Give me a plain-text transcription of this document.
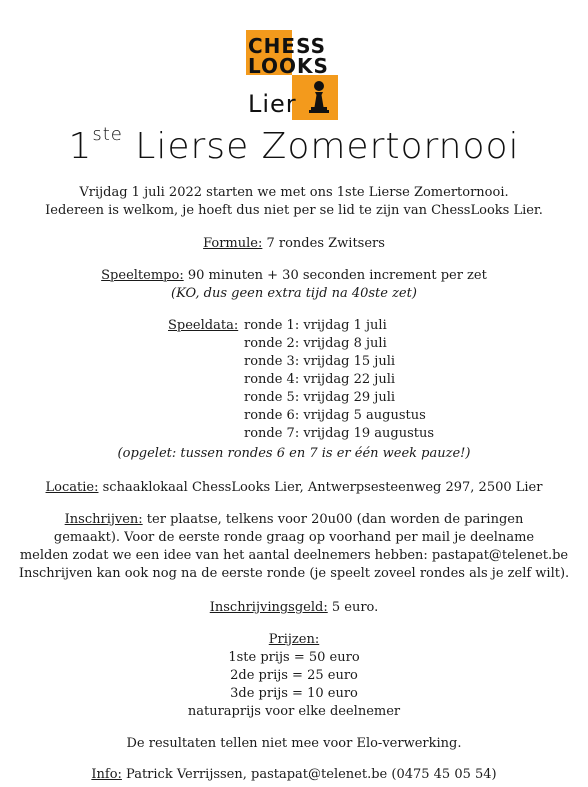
CHESS
LOOKS
Lier
1ste Lierse Zomertornooi
Vrijdag 1 juli 2022 starten we met ons 1ste Lierse Zomertornooi.
Iedereen is welkom, je hoeft dus niet per se lid te zijn van ChessLooks Lier.
Formule: 7 rondes Zwitsers
Speeltempo: 90 minuten + 30 seconden increment per zet
(KO, dus geen extra tijd na 40ste zet)
Speeldata: ronde 1: vrijdag 1 juli
ronde 2: vrijdag 8 juli
ronde 3: vrijdag 15 juli
ronde 4: vrijdag 22 juli
ronde 5: vrijdag 29 juli
ronde 6: vrijdag 5 augustus
ronde 7: vrijdag 19 augustus
(opgelet: tussen rondes 6 en 7 is er één week pauze!)
Locatie: schaaklokaal ChessLooks Lier, Antwerpsesteenweg 297, 2500 Lier
Inschrijven: ter plaatse, telkens voor 20u00 (dan worden de paringen
gemaakt). Voor de eerste ronde graag op voorhand per mail je deelname
melden zodat we een idee van het aantal deelnemers hebben: pastapat@telenet.be
Inschrijven kan ook nog na de eerste ronde (je speelt zoveel rondes als je zelf wilt).
Inschrijvingsgeld: 5 euro.
Prijzen:
1ste prijs = 50 euro
2de prijs = 25 euro
3de prijs = 10 euro
naturaprijs voor elke deelnemer
De resultaten tellen niet mee voor Elo-verwerking.
Info: Patrick Verrijssen, pastapat@telenet.be (0475 45 05 54)
